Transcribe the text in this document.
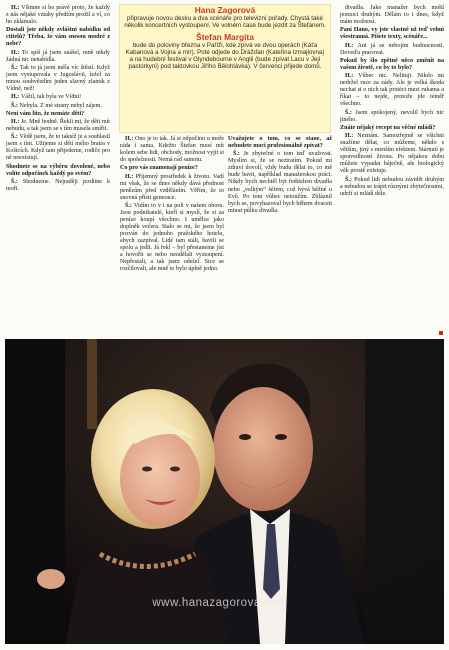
H.: Všimne si ho právě proto, že každý z nás nějaké vztahy předtím prožil a ví, co ho zklamalo.

Dostali jste někdy zvláštní nabídku od ctitelů? Třeba, že vám snesou modré z nebe?

H.: To spíš já jsem snášel, mně nikdy žádná nic nenabídla.

Š.: Tak to já jsem měla víc štěstí. Když jsem vystupovala v Jugoslávii, ležel za mnou souhvězdím jeden slavný zlatník z Vídně, než!

H.: Vážil, tak byla ve Vídni!

Š.: Nebyla. Z mé strany nebyl zájem.

Není vám líto, že nemáte děti?

H.: Je. Mně hodně. Řekli mi, že děti mít nebudu, a tak jsem se s tím musela smířit.

Š.: Vědě jsem, že to taktéž je a souhlasil jsem s tím. Užijeme si dětí mého bratra v Košicích. Když tam přijedeme, rodiče pro ně neexistují.

Shodnete se na výběru dovolené, nebo volíte odpočinek každý po svém?

Š.: Shodneme. Nejraději jezdíme k moři.

H.: Ono je to tak. Já si odpočinu u moře ráda i sama. Kdežto Štefan musí mít kolem sebe lidi, obchody, možnost vyjít si do společnosti. Nemá rád samotu.

Co pro vás znamenají peníze?

H.: Příjemný prostředek k životu. Vadí mi však, že se dnes někdy dává přednost penězům před vzděláním. Věřím, že to snovná přísti generace.

Š.: Vidím to v i na poli v našem oboru. Jsou podnikatelé, kteří si myslí, že si za peníze koupí všechno. I umělce jako doplněk večera. Stalo se mi, že jsem byl pozván do jednoho pražského hotelu, abych zazpíval. Lidé tam stáli, bavili se spolu a jedli. Já řekl – byl přestaneme jíst a hovořit se nebo neudělali vystoupení. Nepřestali, a tak jsem odešel. Sice se rozčilovali, ale mně to bylo úplně jedno.

divadla. Jako manažer bych mohl pomoci druhým. Dělám to i dnes, když mám možnost.

Paní Hano, vy jste vlastně už teď velmi všestranná. Píšete texty, scénáře...

H.: Ani já se nebojím budoucnosti. Doveďu pracovat.

Pokud by šlo zpětně něco změnit na vašem životě, co by to bylo?

H.: Vůbec nic. Nelituji. Nikdo mi nedržel ruce za zády. Ale je velká škoda nechat si o nich tak protéct mezi rukama a říkat – to nejde, protože jde téměř všechno.

Š.: Jsem spokojený, nevolil bych nic jiného.

Znáte nějaký recept na věčné mládí?

H.: Neznám. Samozřejmě se všichni snažíme dělat, co můžeme, někdo s větším, jiný s menším efektem. Stárnutí je spravedlností života. Po nějakou dobu můžete vypadat báječně, ale biologický věk prostě existuje.

Š.: Pokud lidi nebudou závidět druhým a nebudou se trápit různými zbytečnostmi, udrží si mládí déle.

Uvažujete o tom, co se stane, až nebudete moci profesionálně zpívat?

Š.: Je zbytečné o tom teď uvažovat. Myslím si, že se neztratím. Pokud mi zdraví dovolí, vždy budu dělat to, co mě bude bavit, například manažerskou práci. Nikdy bych nechtěl být ředitelem divadla nebo „velkým“ šéfem, což bývá běžné u Evů. Po tom vůbec netoužím. Zbláznil bych se, povyhazoval bych během dvaceti minut půlku divadla.

Hana Zagorová

připravuje novou desku a dva scénáře pro televizní pořady. Chystá také několik koncertních vystoupení. Ve volném čase bude jezdit za Štefanem.

Štefan Margita

bude do poloviny března v Paříži, kde zpívá ve dvou operách (Káťa Kabanová a Vojna a mír). Poté odjede do Drážďan (Kateřina Izmajlovna) a na hudební festival v Glyndebourne v Anglii (bude zpívat Lacu v Její pastorkyni) pod taktovkou Jiřího Bělohlávka). V červenci přijede domů.

www.hanazagorova.com
